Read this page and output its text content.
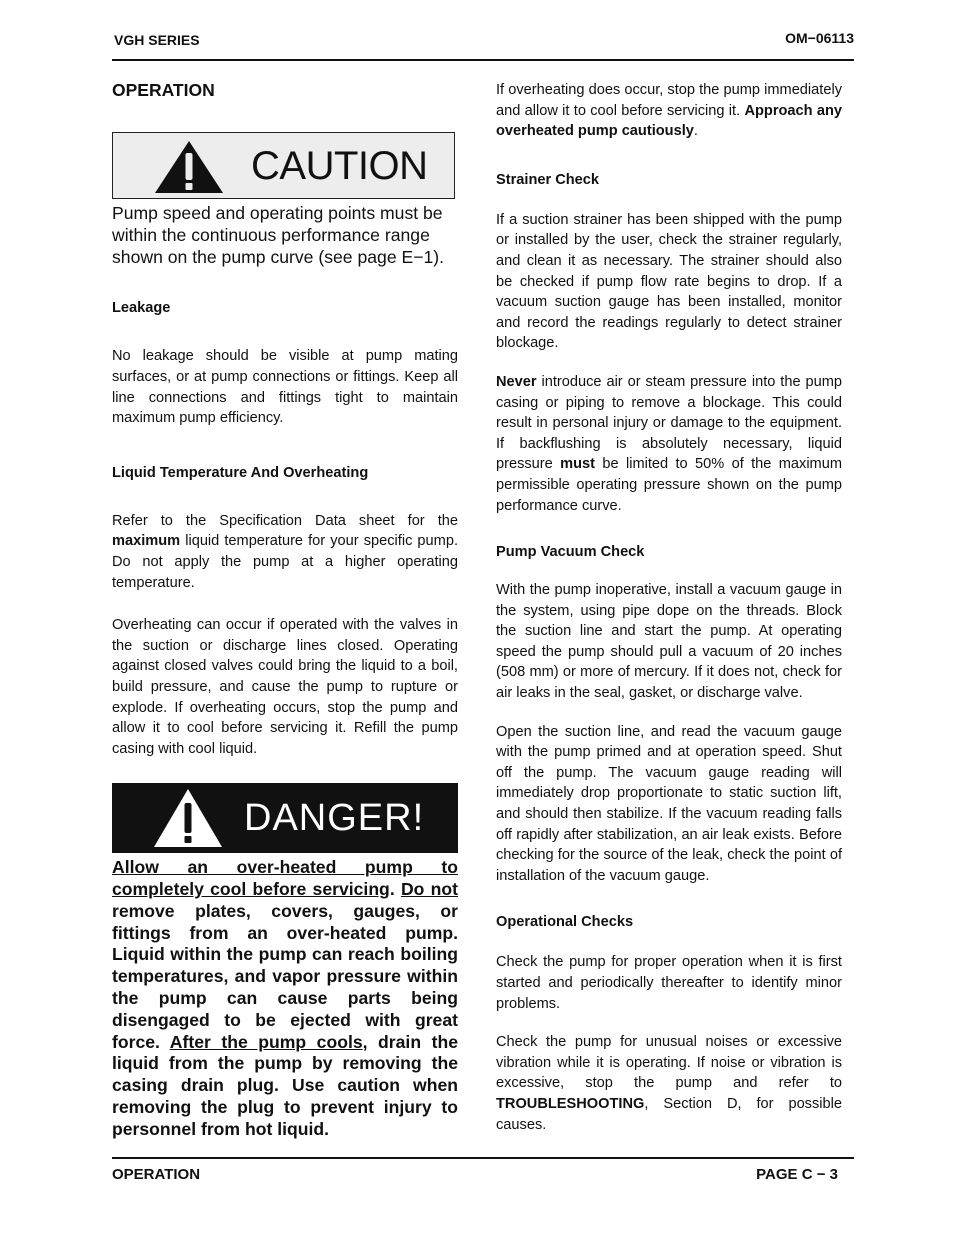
VGH SERIES	OM−06113
OPERATION
CAUTION

Pump speed and operating points must be within the continuous performance range shown on the pump curve (see page E−1).

Leakage

No leakage should be visible at pump mating surfaces, or at pump connections or fittings. Keep all line connections and fittings tight to maintain maximum pump efficiency.

Liquid Temperature And Overheating

Refer to the Specification Data sheet for the maximum liquid temperature for your specific pump. Do not apply the pump at a higher operating temperature.

Overheating can occur if operated with the valves in the suction or discharge lines closed. Operating against closed valves could bring the liquid to a boil, build pressure, and cause the pump to rupture or explode. If overheating occurs, stop the pump and allow it to cool before servicing it. Refill the pump casing with cool liquid.

DANGER!

Allow an over-heated pump to completely cool before servicing. Do not remove plates, covers, gauges, or fittings from an over-heated pump. Liquid within the pump can reach boiling temperatures, and vapor pressure within the pump can cause parts being disengaged to be ejected with great force. After the pump cools, drain the liquid from the pump by removing the casing drain plug. Use caution when removing the plug to prevent injury to personnel from hot liquid.

If overheating does occur, stop the pump immediately and allow it to cool before servicing it. Approach any overheated pump cautiously.

Strainer Check

If a suction strainer has been shipped with the pump or installed by the user, check the strainer regularly, and clean it as necessary. The strainer should also be checked if pump flow rate begins to drop. If a vacuum suction gauge has been installed, monitor and record the readings regularly to detect strainer blockage.

Never introduce air or steam pressure into the pump casing or piping to remove a blockage. This could result in personal injury or damage to the equipment. If backflushing is absolutely necessary, liquid pressure must be limited to 50% of the maximum permissible operating pressure shown on the pump performance curve.

Pump Vacuum Check

With the pump inoperative, install a vacuum gauge in the system, using pipe dope on the threads. Block the suction line and start the pump. At operating speed the pump should pull a vacuum of 20 inches (508 mm) or more of mercury. If it does not, check for air leaks in the seal, gasket, or discharge valve.

Open the suction line, and read the vacuum gauge with the pump primed and at operation speed. Shut off the pump. The vacuum gauge reading will immediately drop proportionate to static suction lift, and should then stabilize. If the vacuum reading falls off rapidly after stabilization, an air leak exists. Before checking for the source of the leak, check the point of installation of the vacuum gauge.

Operational Checks

Check the pump for proper operation when it is first started and periodically thereafter to identify minor problems.

Check the pump for unusual noises or excessive vibration while it is operating. If noise or vibration is excessive, stop the pump and refer to TROUBLESHOOTING, Section D, for possible causes.

OPERATION	PAGE C − 3
